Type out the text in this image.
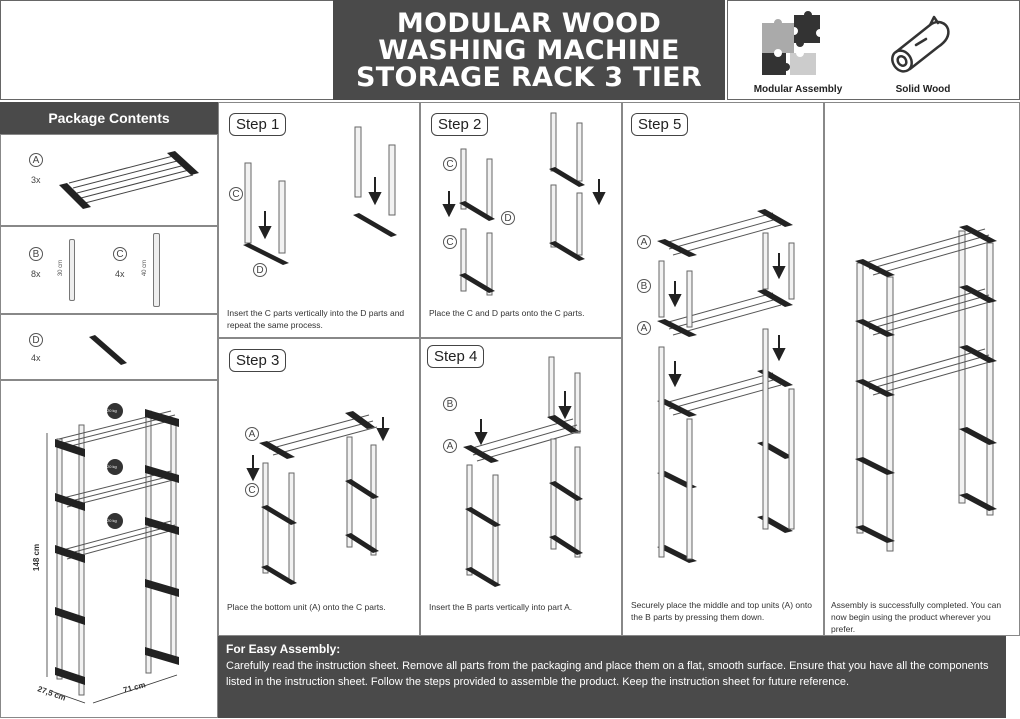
MODULAR WOOD
WASHING MACHINE
STORAGE RACK 3 TIER	Modular Assembly	Solid Wood
Package Contents
A
3x
B
8x	30 cm
C
4x	40 cm
D
4x
20 kg
20 kg
20 kg
148 cm
27,5 cm	71 cm
Step 1
C
D
Insert the C parts vertically into the D parts and repeat the same process.
Step 2
C
D
C
Place the C and D parts onto the C parts.
Step 3
A
C
Place the bottom unit (A) onto the C parts.
Step 4
B
A
Insert the B parts vertically into part A.
Step 5
A
B
A
Securely place the middle and top units (A) onto the B parts by pressing them down.
Assembly is successfully completed. You can now begin using the product wherever you prefer.
For Easy Assembly:
Carefully read the instruction sheet. Remove all parts from the packaging and place them on a flat, smooth surface. Ensure that you have all the components listed in the instruction sheet. Follow the steps provided to assemble the product. Keep the instruction sheet for future reference.
